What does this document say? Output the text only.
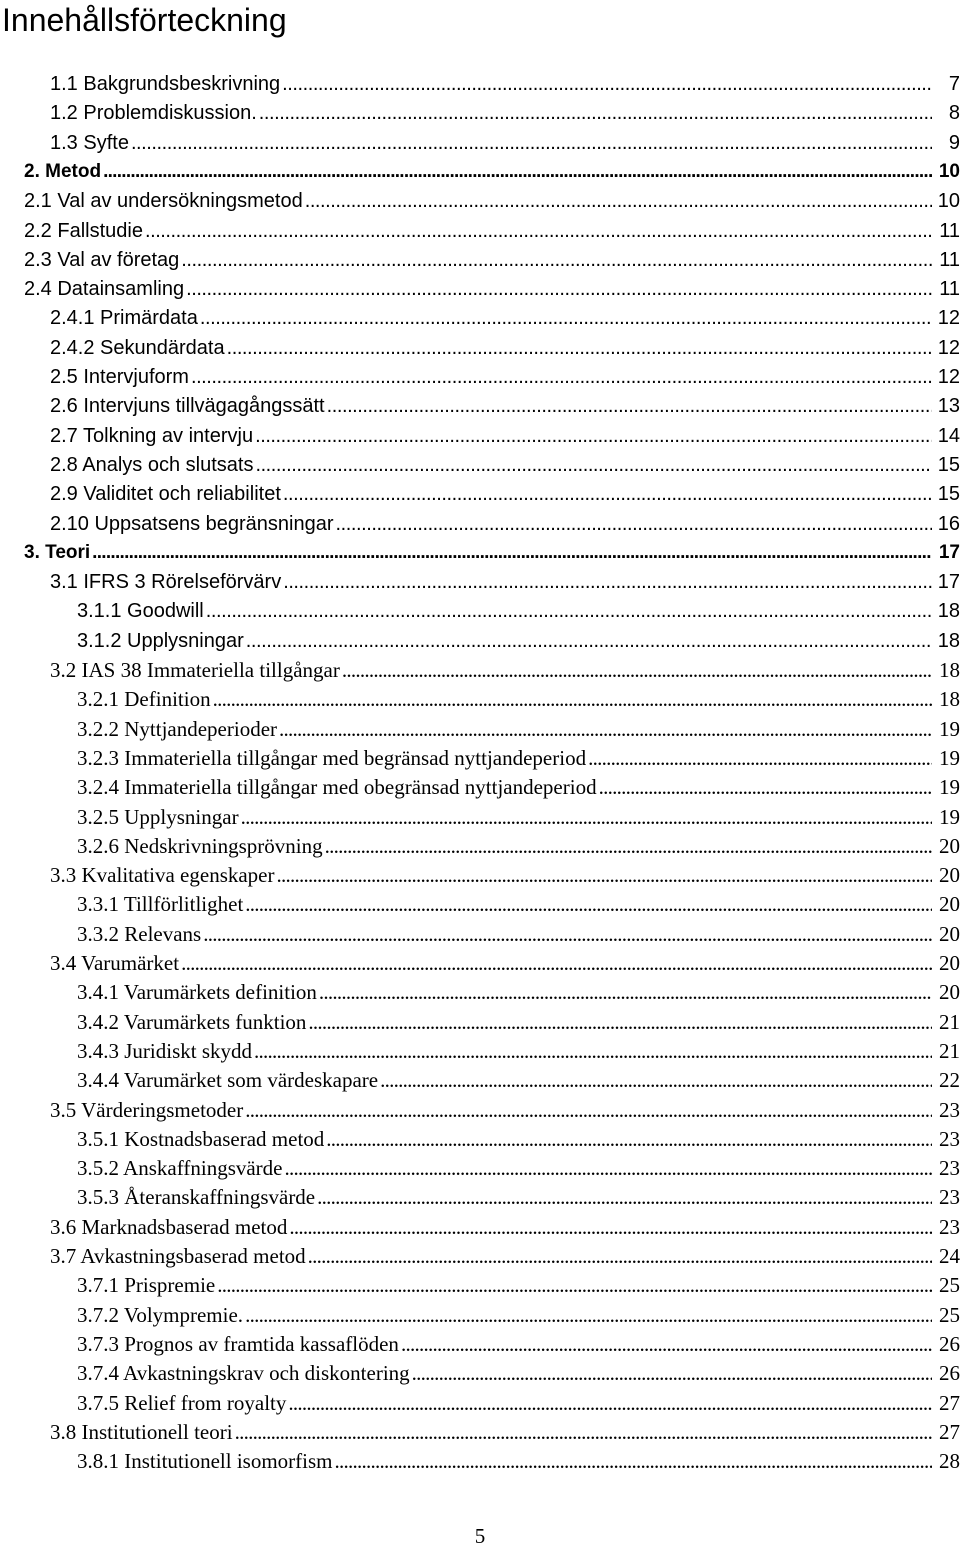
Innehållsförteckning
1.1 Bakgrundsbeskrivning . . .	7
1.2 Problemdiskussion. . . .	8
1.3 Syfte . . .	9
2. Metod . . .	10
2.1 Val av undersökningsmetod . . .	10
2.2 Fallstudie . . .	11
2.3 Val av företag . . .	11
2.4 Datainsamling . . .	11
2.4.1 Primärdata . . .	12
2.4.2 Sekundärdata . . .	12
2.5 Intervjuform . . .	12
2.6 Intervjuns tillvägagångssätt . . .	13
2.7 Tolkning av intervju . . .	14
2.8 Analys och slutsats . . .	15
2.9 Validitet och reliabilitet . . .	15
2.10 Uppsatsens begränsningar . . .	16
3. Teori . . .	17
3.1 IFRS 3 Rörelseförvärv . . .	17
3.1.1 Goodwill . . .	18
3.1.2 Upplysningar . . .	18
3.2 IAS 38 Immateriella tillgångar . . .	18
3.2.1 Definition . . .	18
3.2.2 Nyttjandeperioder . . .	19
3.2.3 Immateriella tillgångar med begränsad nyttjandeperiod . . .	19
3.2.4 Immateriella tillgångar med obegränsad nyttjandeperiod . . .	19
3.2.5 Upplysningar . . .	19
3.2.6 Nedskrivningsprövning . . .	20
3.3 Kvalitativa egenskaper . . .	20
3.3.1 Tillförlitlighet . . .	20
3.3.2 Relevans . . .	20
3.4 Varumärket . . .	20
3.4.1 Varumärkets definition . . .	20
3.4.2 Varumärkets funktion . . .	21
3.4.3 Juridiskt skydd . . .	21
3.4.4 Varumärket som värdeskapare . . .	22
3.5 Värderingsmetoder . . .	23
3.5.1 Kostnadsbaserad metod . . .	23
3.5.2 Anskaffningsvärde . . .	23
3.5.3 Återanskaffningsvärde . . .	23
3.6 Marknadsbaserad metod . . .	23
3.7 Avkastningsbaserad metod . . .	24
3.7.1 Prispremie . . .	25
3.7.2 Volympremie. . . .	25
3.7.3 Prognos av framtida kassaflöden . . .	26
3.7.4 Avkastningskrav och diskontering . . .	26
3.7.5 Relief from royalty . . .	27
3.8 Institutionell teori . . .	27
3.8.1 Institutionell isomorfism . . .	28
5
